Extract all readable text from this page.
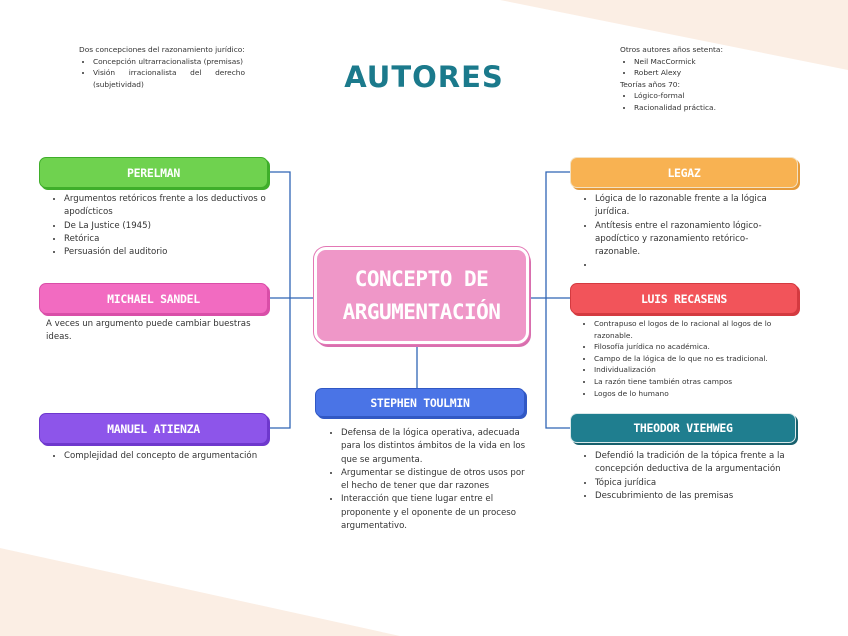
Dos concepciones del razonamiento jurídico:
• Concepción ultrarracionalista (premisas)
• Visión irracionalista del derecho (subjetividad)	AUTORES
Otros autores años setenta:
• Neil MacCormick
• Robert Alexy
Teorías años 70:
• Lógico-formal
• Racionalidad práctica.
CONCEPTO DE
ARGUMENTACIÓN
PERELMAN
• Argumentos retóricos frente a los deductivos o apodícticos
• De La Justice (1945)
• Retórica
• Persuasión del auditorio
MICHAEL SANDEL
A veces un argumento puede cambiar buestras ideas.
MANUEL ATIENZA
• Complejidad del concepto de argumentación
STEPHEN TOULMIN
• Defensa de la lógica operativa, adecuada para los distintos ámbitos de la vida en los que se argumenta.
• Argumentar se distingue de otros usos por el hecho de tener que dar razones
• Interacción que tiene lugar entre el proponente y el oponente de un proceso argumentativo.
LEGAZ
• Lógica de lo razonable frente a la lógica jurídica.
• Antítesis entre el razonamiento lógico-apodíctico y razonamiento retórico-razonable.
•
LUIS RECASENS
• Contrapuso el logos de lo racional al logos de lo razonable.
• Filosofía jurídica no académica.
• Campo de la lógica de lo que no es tradicional.
• Individualización
• La razón tiene también otras campos
• Logos de lo humano
THEODOR VIEHWEG
• Defendió la tradición de la tópica frente a la concepción deductiva de la argumentación
• Tópica jurídica
• Descubrimiento de las premisas
